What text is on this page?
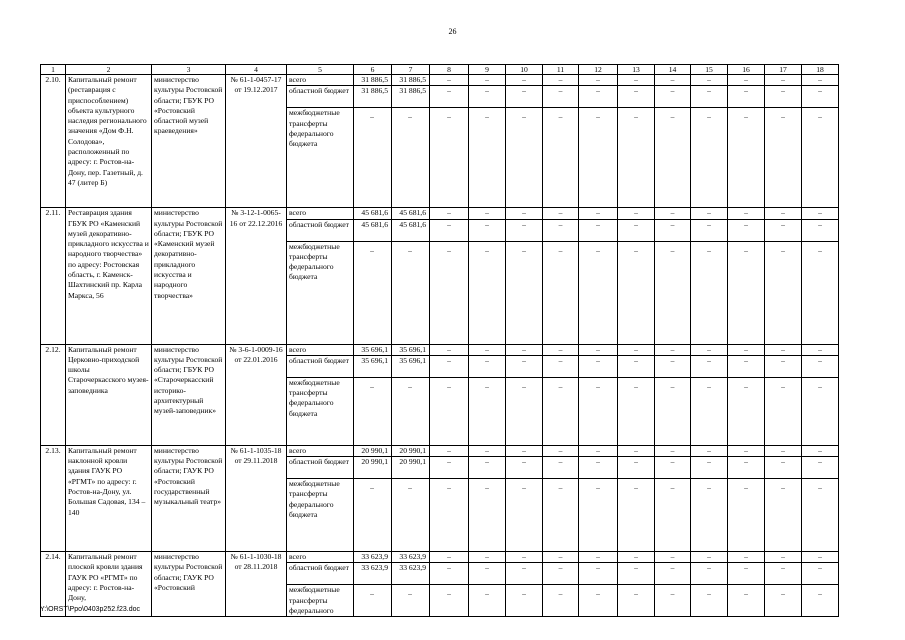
26
1	2	3	4	5	6	7	8	9	10	11	12	13	14	15	16	17	18
2.10.	Капитальный ремонт (реставрация с приспособлением) объекта культурного наследия регионального значения «Дом Ф.Н. Солодова», расположенный по адресу: г. Ростов-на-Дону, пер. Газетный, д. 47 (литер Б)	министерство культуры Ростовской области; ГБУК РО «Ростовский областной музей краеведения»	№ 61-1-0457-17 от 19.12.2017	всего	31 886,5	31 886,5	–	–	–	–	–	–	–	–	–	–	–
				областной бюджет	31 886,5	31 886,5	–	–	–	–	–	–	–	–	–	–	–
				межбюджетные трансферты федерального бюджета	–	–	–	–	–	–	–	–	–	–	–	–	–
2.11.	Реставрация здания ГБУК РО «Каменский музей декоративно-прикладного искусства и народного творчества» по адресу: Ростовская область, г. Каменск-Шахтинский пр. Карла Маркса, 56	министерство культуры Ростовской области; ГБУК РО «Каменский музей декоративно-прикладного искусства и народного творчества»	№ 3-12-1-0065-16 от 22.12.2016	всего	45 681,6	45 681,6	–	–	–	–	–	–	–	–	–	–	–
				областной бюджет	45 681,6	45 681,6	–	–	–	–	–	–	–	–	–	–	–
				межбюджетные трансферты федерального бюджета	–	–	–	–	–	–	–	–	–	–	–	–	–
2.12.	Капитальный ремонт Церковно-приходской школы Старочеркасского музея-заповедника	министерство культуры Ростовской области; ГБУК РО «Старочеркасский историко-архитектурный музей-заповедник»	№ 3-6-1-0009-16 от 22.01.2016	всего	35 696,1	35 696,1	–	–	–	–	–	–	–	–	–	–	–
				областной бюджет	35 696,1	35 696,1	–	–	–	–	–	–	–	–	–	–	–
				межбюджетные трансферты федерального бюджета	–	–	–	–	–	–	–	–	–	–	–	–	–
2.13.	Капитальный ремонт наклонной кровли здания ГАУК РО «РГМТ» по адресу: г. Ростов-на-Дону, ул. Большая Садовая, 134 – 140	министерство культуры Ростовской области; ГАУК РО «Ростовский государственный музыкальный театр»	№ 61-1-1035-18 от 29.11.2018	всего	20 990,1	20 990,1	–	–	–	–	–	–	–	–	–	–	–
				областной бюджет	20 990,1	20 990,1	–	–	–	–	–	–	–	–	–	–	–
				межбюджетные трансферты федерального бюджета	–	–	–	–	–	–	–	–	–	–	–	–	–
2.14.	Капитальный ремонт плоской кровли здания ГАУК РО «РГМТ» по адресу: г. Ростов-на-Дону,	министерство культуры Ростовской области; ГАУК РО «Ростовский	№ 61-1-1030-18 от 28.11.2018	всего	33 623,9	33 623,9	–	–	–	–	–	–	–	–	–	–	–
				областной бюджет	33 623,9	33 623,9	–	–	–	–	–	–	–	–	–	–	–
				межбюджетные трансферты федерального	–	–	–	–	–	–	–	–	–	–	–	–	–
Y:\ORST\Ppo\0403p252.f23.doc
